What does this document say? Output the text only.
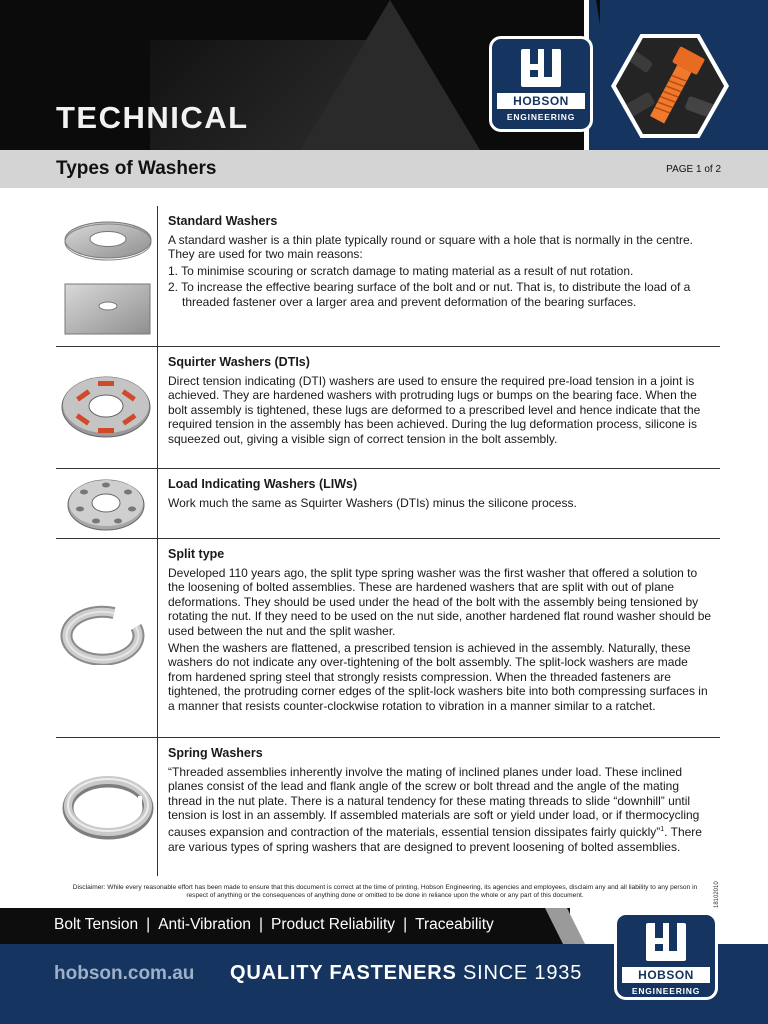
TECHNICAL	HOBSON
ENGINEERING
Types of Washers	PAGE 1 of 2
Standard Washers

A standard washer is a thin plate typically round or square with a hole that is normally in the centre. They are used for two main reasons:

1. To minimise scouring or scratch damage to mating material as a result of nut rotation.

2. To increase the effective bearing surface of the bolt and or nut. That is, to distribute the load of a threaded fastener over a larger area and prevent deformation of the bearing surfaces.

Squirter Washers (DTIs)

Direct tension indicating (DTI) washers are used to ensure the required pre-load tension in a joint is achieved. They are hardened washers with protruding lugs or bumps on the bearing face. When the bolt assembly is tightened, these lugs are deformed to a prescribed level and hence indicate that the required tension in the assembly has been achieved. During the lug deformation process, silicone is squeezed out, giving a visible sign of correct tension in the bolt assembly.

Load Indicating Washers (LIWs)

Work much the same as Squirter Washers (DTIs) minus the silicone process.

Split type

Developed 110 years ago, the split type spring washer was the first washer that offered a solution to the loosening of bolted assemblies. These are hardened washers that are split with out of plane deformations. They should be used under the head of the bolt with the assembly being tensioned by rotating the nut. If they need to be used on the nut side, another hardened flat round washer should be used between the nut and the split washer.

When the washers are flattened, a prescribed tension is achieved in the assembly. Naturally, these washers do not indicate any over-tightening of the bolt assembly. The split-lock washers are made from hardened spring steel that strongly resists compression. When the threaded fasteners are tightened, the protruding corner edges of the split-lock washers bite into both compressing surfaces in a manner that resists counter-clockwise rotation to vibration in a manner similar to a ratchet.

Spring Washers

“Threaded assemblies inherently involve the mating of inclined planes under load. These inclined planes consist of the lead and flank angle of the screw or bolt thread and the angle of the mating thread in the nut plate. There is a natural tendency for these mating threads to slide “downhill” until tension is lost in an assembly. If assembled materials are soft or yield under load, or if thermocycling causes expansion and contraction of the materials, essential tension dissipates fairly quickly”$^1$. There are various types of spring washers that are designed to prevent loosening of bolted assemblies.

Disclaimer: While every reasonable effort has been made to ensure that this document is correct at the time of printing, Hobson Engineering, its agencies and employees, disclaim any and all liability to any person in respect of anything or the consequences of anything done or omitted to be done in reliance upon the whole or any part of this document.	18102010
Bolt Tension | Anti-Vibration | Product Reliability | Traceability
hobson.com.au QUALITY FASTENERS SINCE 1935	HOBSON
ENGINEERING
